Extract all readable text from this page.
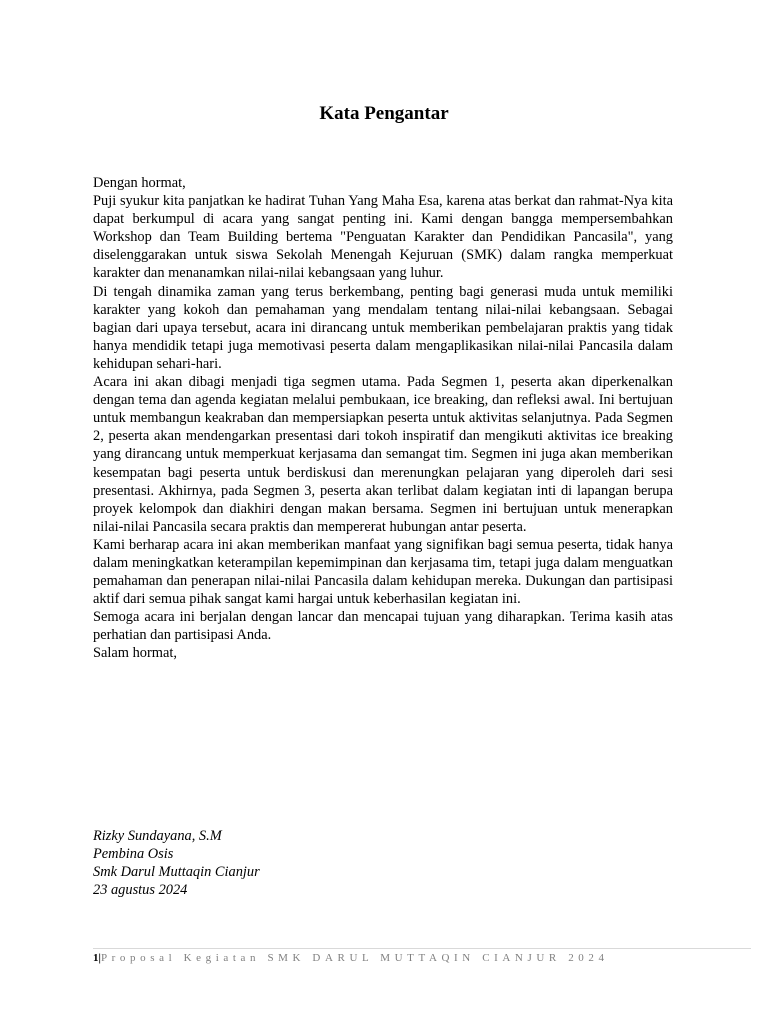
Kata Pengantar

Dengan hormat,

Puji syukur kita panjatkan ke hadirat Tuhan Yang Maha Esa, karena atas berkat dan rahmat-Nya kita dapat berkumpul di acara yang sangat penting ini. Kami dengan bangga mempersembahkan Workshop dan Team Building bertema "Penguatan Karakter dan Pendidikan Pancasila", yang diselenggarakan untuk siswa Sekolah Menengah Kejuruan (SMK) dalam rangka memperkuat karakter dan menanamkan nilai-nilai kebangsaan yang luhur.

Di tengah dinamika zaman yang terus berkembang, penting bagi generasi muda untuk memiliki karakter yang kokoh dan pemahaman yang mendalam tentang nilai-nilai kebangsaan. Sebagai bagian dari upaya tersebut, acara ini dirancang untuk memberikan pembelajaran praktis yang tidak hanya mendidik tetapi juga memotivasi peserta dalam mengaplikasikan nilai-nilai Pancasila dalam kehidupan sehari-hari.

Acara ini akan dibagi menjadi tiga segmen utama. Pada Segmen 1, peserta akan diperkenalkan dengan tema dan agenda kegiatan melalui pembukaan, ice breaking, dan refleksi awal. Ini bertujuan untuk membangun keakraban dan mempersiapkan peserta untuk aktivitas selanjutnya. Pada Segmen 2, peserta akan mendengarkan presentasi dari tokoh inspiratif dan mengikuti aktivitas ice breaking yang dirancang untuk memperkuat kerjasama dan semangat tim. Segmen ini juga akan memberikan kesempatan bagi peserta untuk berdiskusi dan merenungkan pelajaran yang diperoleh dari sesi presentasi. Akhirnya, pada Segmen 3, peserta akan terlibat dalam kegiatan inti di lapangan berupa proyek kelompok dan diakhiri dengan makan bersama. Segmen ini bertujuan untuk menerapkan nilai-nilai Pancasila secara praktis dan mempererat hubungan antar peserta.

Kami berharap acara ini akan memberikan manfaat yang signifikan bagi semua peserta, tidak hanya dalam meningkatkan keterampilan kepemimpinan dan kerjasama tim, tetapi juga dalam menguatkan pemahaman dan penerapan nilai-nilai Pancasila dalam kehidupan mereka. Dukungan dan partisipasi aktif dari semua pihak sangat kami hargai untuk keberhasilan kegiatan ini.

Semoga acara ini berjalan dengan lancar dan mencapai tujuan yang diharapkan. Terima kasih atas perhatian dan partisipasi Anda.

Salam hormat,

Rizky Sundayana, S.M
Pembina Osis
Smk Darul Muttaqin Cianjur
23 agustus 2024
1|Proposal Kegiatan SMK DARUL MUTTAQIN CIANJUR 2024
